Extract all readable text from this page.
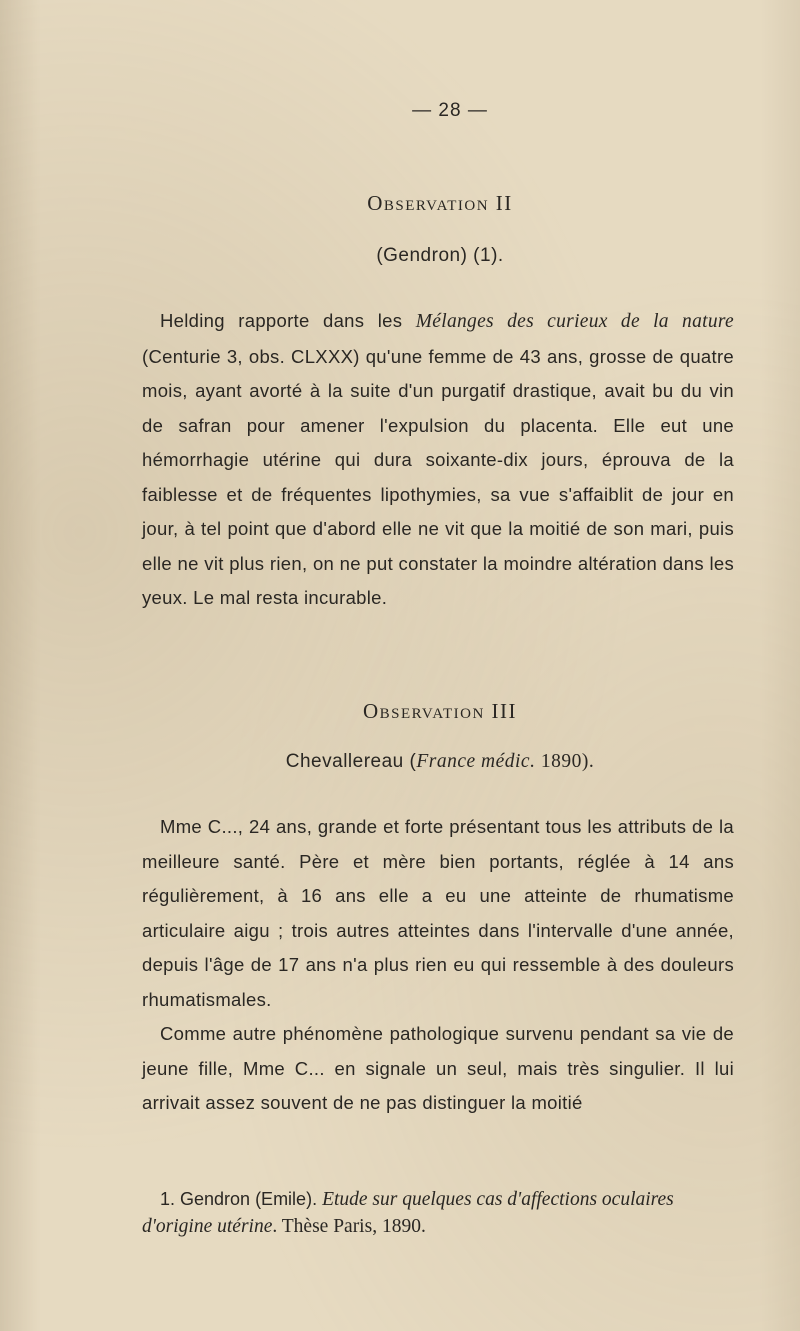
— 28 —
Observation II
(Gendron) (1).

Helding rapporte dans les Mélanges des curieux de la nature (Centurie 3, obs. CLXXX) qu'une femme de 43 ans, grosse de quatre mois, ayant avorté à la suite d'un purgatif drastique, avait bu du vin de safran pour amener l'expulsion du placenta. Elle eut une hémorrhagie utérine qui dura soixante-dix jours, éprouva de la faiblesse et de fréquentes lipothymies, sa vue s'affaiblit de jour en jour, à tel point que d'abord elle ne vit que la moitié de son mari, puis elle ne vit plus rien, on ne put constater la moindre altération dans les yeux. Le mal resta incurable.

Observation III
Chevallereau (France médic. 1890).

Mme C..., 24 ans, grande et forte présentant tous les attributs de la meilleure santé. Père et mère bien portants, réglée à 14 ans régulièrement, à 16 ans elle a eu une atteinte de rhumatisme articulaire aigu ; trois autres atteintes dans l'intervalle d'une année, depuis l'âge de 17 ans n'a plus rien eu qui ressemble à des douleurs rhumatismales.

Comme autre phénomène pathologique survenu pendant sa vie de jeune fille, Mme C... en signale un seul, mais très singulier. Il lui arrivait assez souvent de ne pas distinguer la moitié

1. Gendron (Emile). Etude sur quelques cas d'affections oculaires
d'origine utérine. Thèse Paris, 1890.
